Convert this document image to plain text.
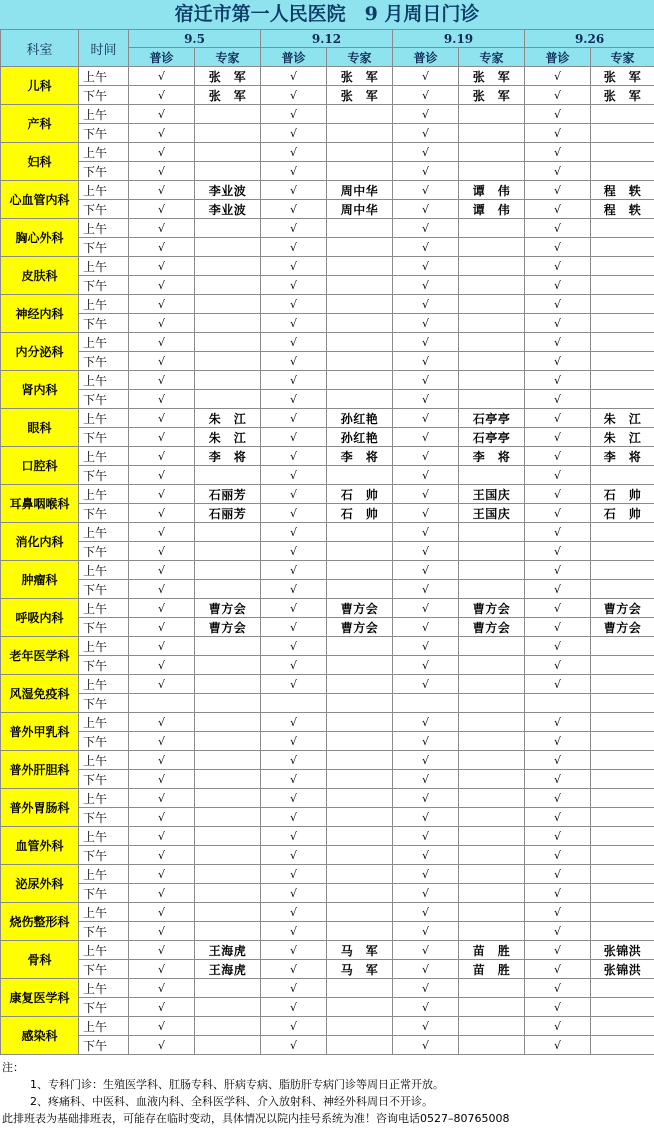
宿迁市第一人民医院　9 月周日门诊
科室	时间	9.5		9.12		9.19		9.26	
		普诊	专家	普诊	专家	普诊	专家	普诊	专家
儿科	上午	√	张　军	√	张　军	√	张　军	√	张　军
	下午	√	张　军	√	张　军	√	张　军	√	张　军
产科	上午	√		√		√		√	
	下午	√		√		√		√	
妇科	上午	√		√		√		√	
	下午	√		√		√		√	
心血管内科	上午	√	李业波	√	周中华	√	谭　伟	√	程　轶
	下午	√	李业波	√	周中华	√	谭　伟	√	程　轶
胸心外科	上午	√		√		√		√	
	下午	√		√		√		√	
皮肤科	上午	√		√		√		√	
	下午	√		√		√		√	
神经内科	上午	√		√		√		√	
	下午	√		√		√		√	
内分泌科	上午	√		√		√		√	
	下午	√		√		√		√	
肾内科	上午	√		√		√		√	
	下午	√		√		√		√	
眼科	上午	√	朱　江	√	孙红艳	√	石亭亭	√	朱　江
	下午	√	朱　江	√	孙红艳	√	石亭亭	√	朱　江
口腔科	上午	√	李　将	√	李　将	√	李　将	√	李　将
	下午	√		√		√		√	
耳鼻咽喉科	上午	√	石丽芳	√	石　帅	√	王国庆	√	石　帅
	下午	√	石丽芳	√	石　帅	√	王国庆	√	石　帅
消化内科	上午	√		√		√		√	
	下午	√		√		√		√	
肿瘤科	上午	√		√		√		√	
	下午	√		√		√		√	
呼吸内科	上午	√	曹方会	√	曹方会	√	曹方会	√	曹方会
	下午	√	曹方会	√	曹方会	√	曹方会	√	曹方会
老年医学科	上午	√		√		√		√	
	下午	√		√		√		√	
风湿免疫科	上午	√		√		√		√	
	下午								
普外甲乳科	上午	√		√		√		√	
	下午	√		√		√		√	
普外肝胆科	上午	√		√		√		√	
	下午	√		√		√		√	
普外胃肠科	上午	√		√		√		√	
	下午	√		√		√		√	
血管外科	上午	√		√		√		√	
	下午	√		√		√		√	
泌尿外科	上午	√		√		√		√	
	下午	√		√		√		√	
烧伤整形科	上午	√		√		√		√	
	下午	√		√		√		√	
骨科	上午	√	王海虎	√	马　军	√	苗　胜	√	张锦洪
	下午	√	王海虎	√	马　军	√	苗　胜	√	张锦洪
康复医学科	上午	√		√		√		√	
	下午	√		√		√		√	
感染科	上午	√		√		√		√	
	下午	√		√		√		√	
注：
1、专科门诊：生殖医学科、肛肠专科、肝病专病、脂肪肝专病门诊等周日正常开放。
2、疼痛科、中医科、血液内科、全科医学科、介入放射科、神经外科周日不开诊。
此排班表为基础排班表，可能存在临时变动，具体情况以院内挂号系统为准！咨询电话0527–80765008
